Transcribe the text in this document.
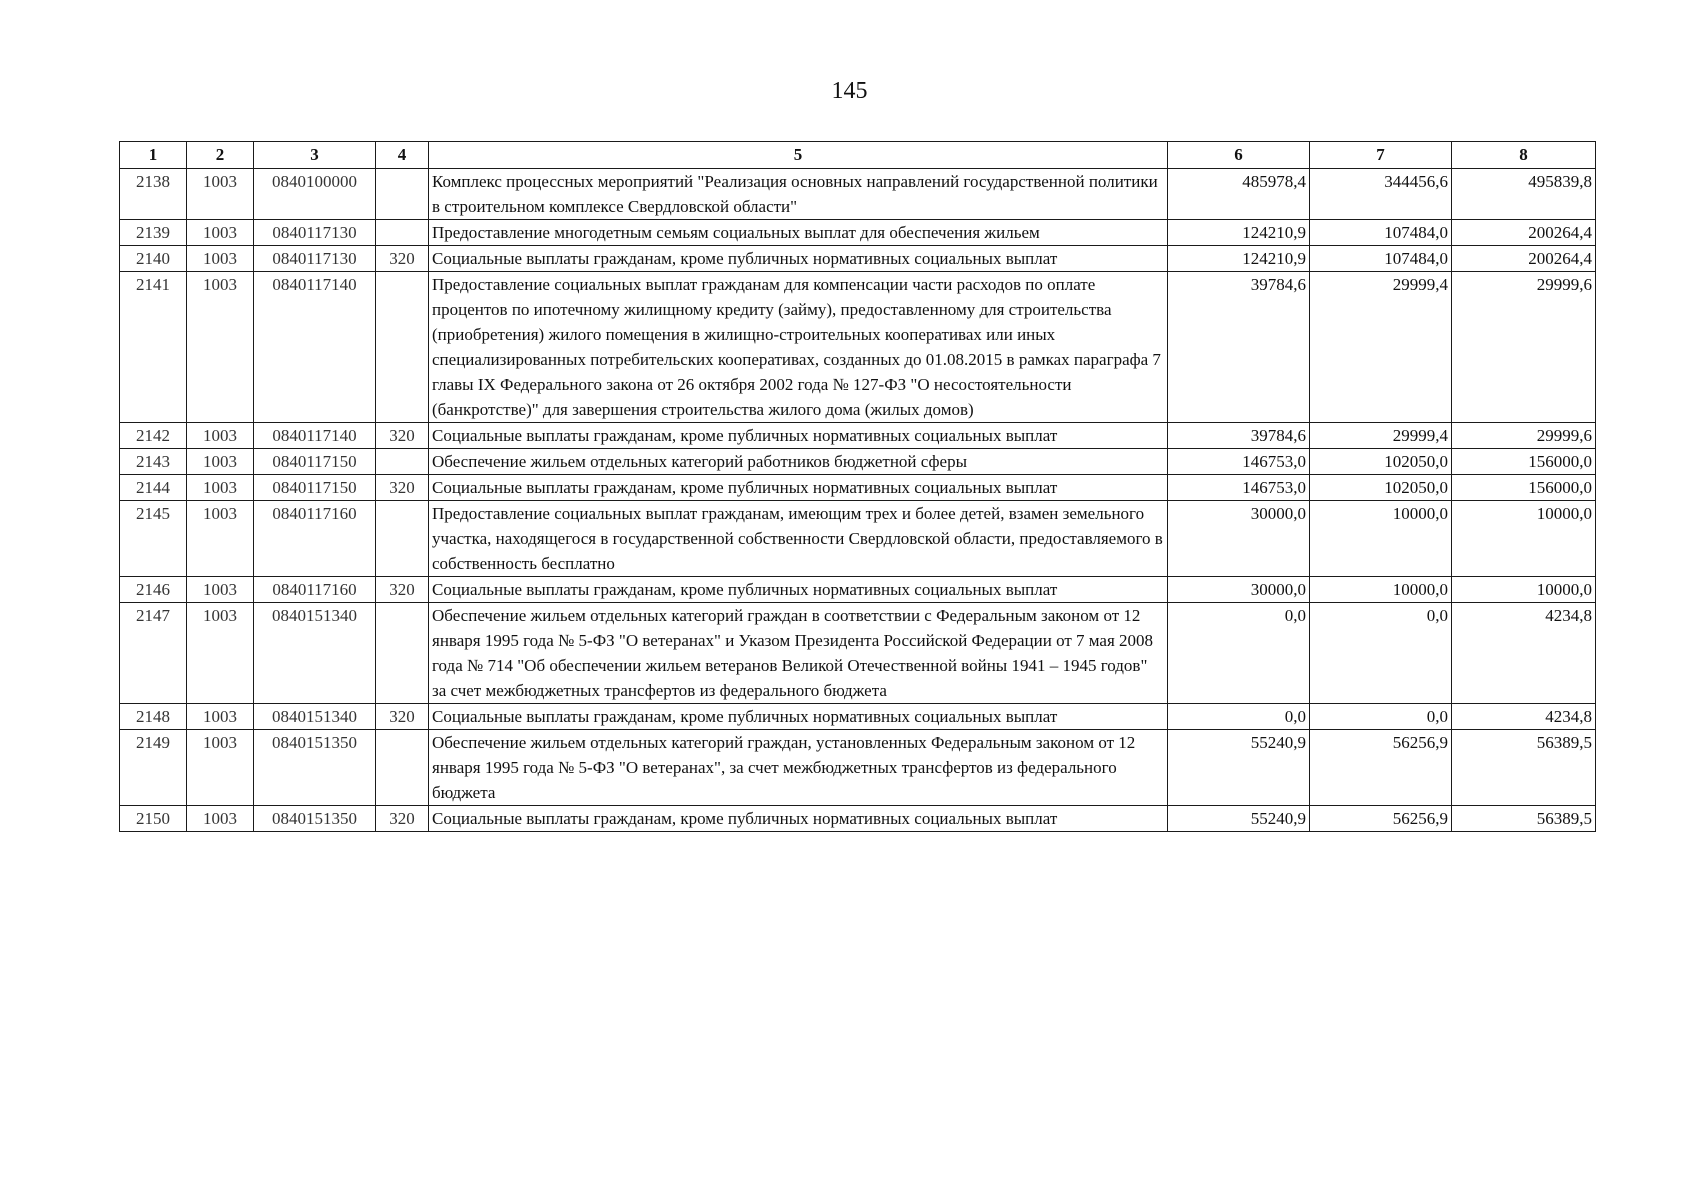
145
1	2	3	4	5	6	7	8
2138	1003	0840100000		Комплекс процессных мероприятий "Реализация основных направлений государственной политики в строительном комплексе Свердловской области"	485978,4	344456,6	495839,8
2139	1003	0840117130		Предоставление многодетным семьям социальных выплат для обеспечения жильем	124210,9	107484,0	200264,4
2140	1003	0840117130	320	Социальные выплаты гражданам, кроме публичных нормативных социальных выплат	124210,9	107484,0	200264,4
2141	1003	0840117140		Предоставление социальных выплат гражданам для компенсации части расходов по оплате процентов по ипотечному жилищному кредиту (займу), предоставленному для строительства (приобретения) жилого помещения в жилищно-строительных кооперативах или иных специализированных потребительских кооперативах, созданных до 01.08.2015 в рамках параграфа 7 главы IX Федерального закона от 26 октября 2002 года № 127-ФЗ "О несостоятельности (банкротстве)" для завершения строительства жилого дома (жилых домов)	39784,6	29999,4	29999,6
2142	1003	0840117140	320	Социальные выплаты гражданам, кроме публичных нормативных социальных выплат	39784,6	29999,4	29999,6
2143	1003	0840117150		Обеспечение жильем отдельных категорий работников бюджетной сферы	146753,0	102050,0	156000,0
2144	1003	0840117150	320	Социальные выплаты гражданам, кроме публичных нормативных социальных выплат	146753,0	102050,0	156000,0
2145	1003	0840117160		Предоставление социальных выплат гражданам, имеющим трех и более детей, взамен земельного участка, находящегося в государственной собственности Свердловской области, предоставляемого в собственность бесплатно	30000,0	10000,0	10000,0
2146	1003	0840117160	320	Социальные выплаты гражданам, кроме публичных нормативных социальных выплат	30000,0	10000,0	10000,0
2147	1003	0840151340		Обеспечение жильем отдельных категорий граждан в соответствии с Федеральным законом от 12 января 1995 года № 5-ФЗ "О ветеранах" и Указом Президента Российской Федерации от 7 мая 2008 года № 714 "Об обеспечении жильем ветеранов Великой Отечественной войны 1941 – 1945 годов" за счет межбюджетных трансфертов из федерального бюджета	0,0	0,0	4234,8
2148	1003	0840151340	320	Социальные выплаты гражданам, кроме публичных нормативных социальных выплат	0,0	0,0	4234,8
2149	1003	0840151350		Обеспечение жильем отдельных категорий граждан, установленных Федеральным законом от 12 января 1995 года № 5-ФЗ "О ветеранах", за счет межбюджетных трансфертов из федерального бюджета	55240,9	56256,9	56389,5
2150	1003	0840151350	320	Социальные выплаты гражданам, кроме публичных нормативных социальных выплат	55240,9	56256,9	56389,5
